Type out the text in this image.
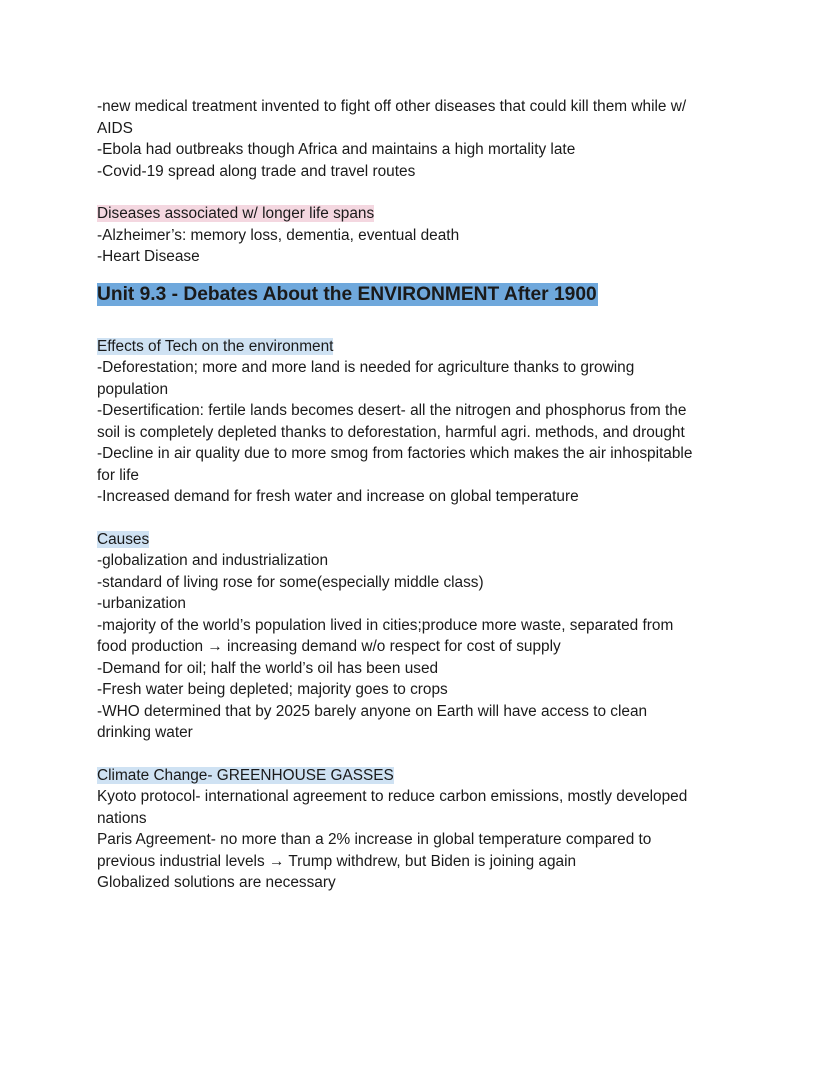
-new medical treatment invented to fight off other diseases that could kill them while w/
AIDS
-Ebola had outbreaks though Africa and maintains a high mortality late
-Covid-19 spread along trade and travel routes
Diseases associated w/ longer life spans
-Alzheimer’s: memory loss, dementia, eventual death
-Heart Disease
Unit 9.3 - Debates About the ENVIRONMENT After 1900
Effects of Tech on the environment
-Deforestation; more and more land is needed for agriculture thanks to growing
population
-Desertification: fertile lands becomes desert- all the nitrogen and phosphorus from the
soil is completely depleted thanks to deforestation, harmful agri. methods, and drought
-Decline in air quality due to more smog from factories which makes the air inhospitable
for life
-Increased demand for fresh water and increase on global temperature
Causes
-globalization and industrialization
-standard of living rose for some(especially middle class)
-urbanization
-majority of the world’s population lived in cities;produce more waste, separated from
food production → increasing demand w/o respect for cost of supply
-Demand for oil; half the world’s oil has been used
-Fresh water being depleted; majority goes to crops
-WHO determined that by 2025 barely anyone on Earth will have access to clean
drinking water
Climate Change- GREENHOUSE GASSES
Kyoto protocol- international agreement to reduce carbon emissions, mostly developed
nations
Paris Agreement- no more than a 2% increase in global temperature compared to
previous industrial levels → Trump withdrew, but Biden is joining again
Globalized solutions are necessary
